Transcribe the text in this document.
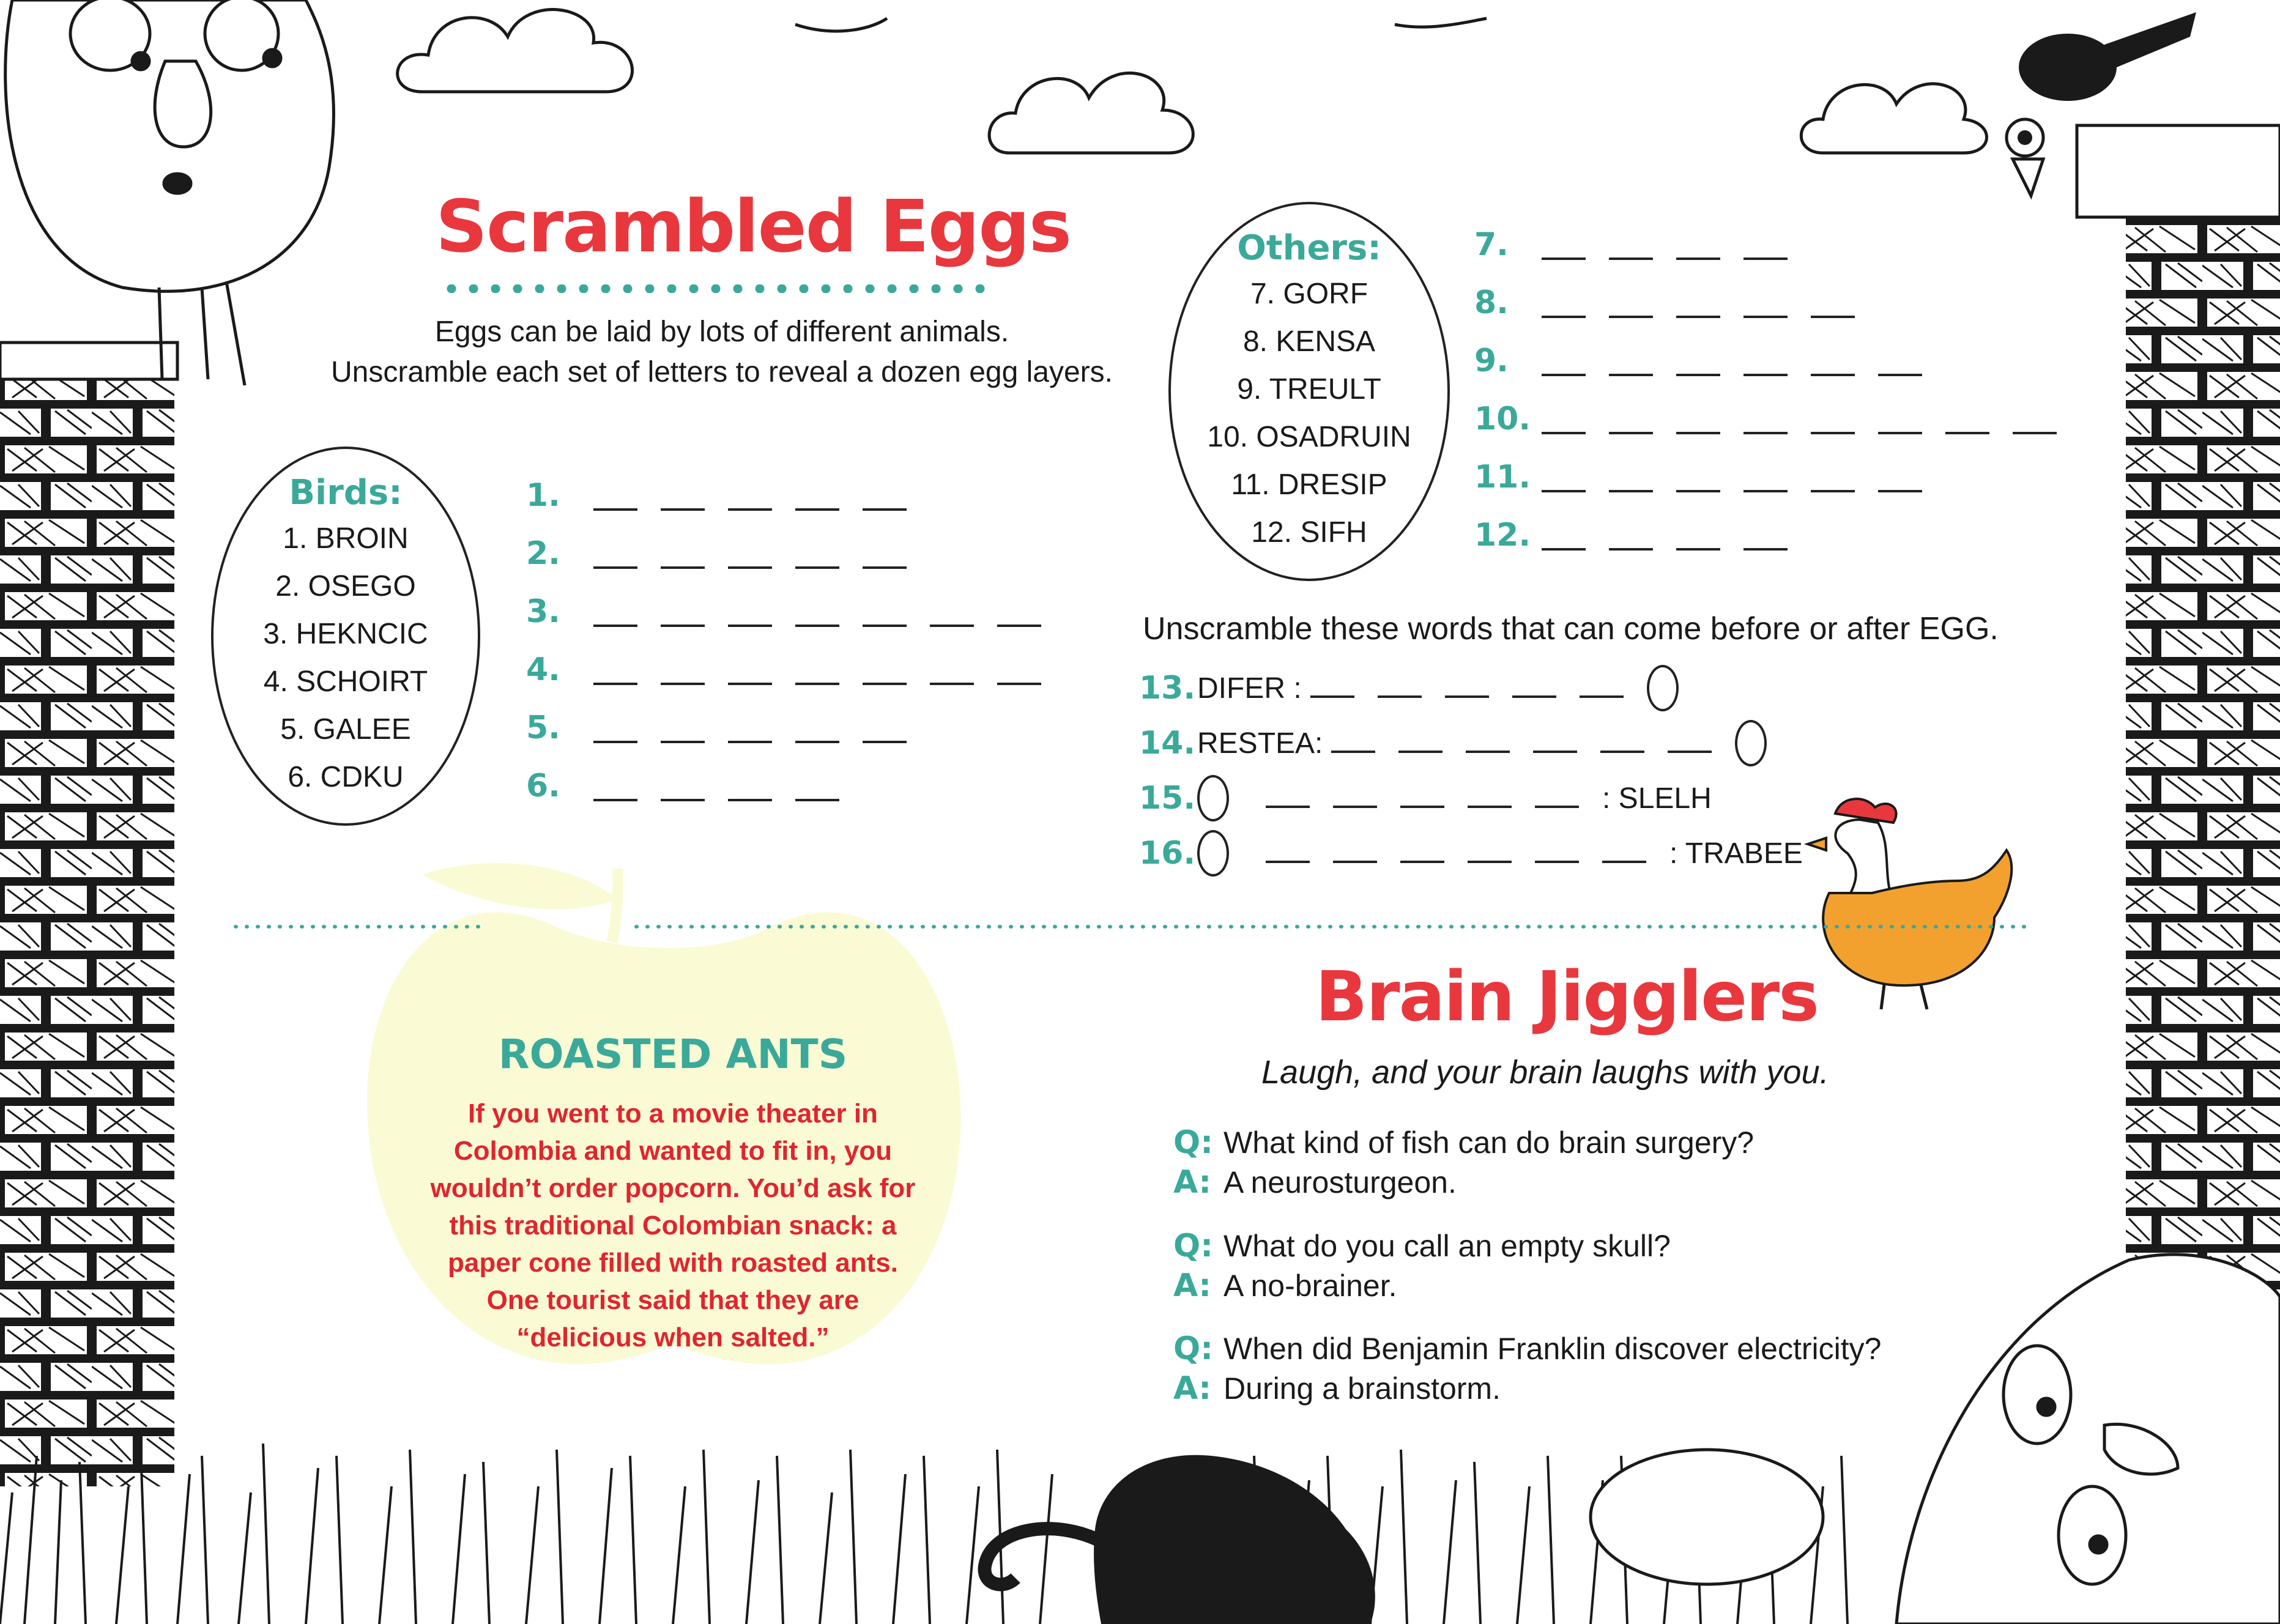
Scrambled Eggs
Eggs can be laid by lots of different animals.
Unscramble each set of letters to reveal a dozen egg layers.
Birds:
1. BROIN
2. OSEGO
3. HEKNCIC
4. SCHOIRT
5. GALEE
6. CDKU
Others:
7. GORF
8. KENSA
9. TREULT
10. OSADRUIN
11. DRESIP
12. SIFH
1.
2.
3.
4.
5.
6.
7.
8.
9.
10.
11.
12.
Unscramble these words that can come before or after EGG.
13. DIFER :
14. RESTEA:
15.	: SLELH
16.	: TRABEE
ROASTED ANTS
If you went to a movie theater in
Colombia and wanted to fit in, you
wouldn’t order popcorn. You’d ask for
this traditional Colombian snack: a
paper cone filled with roasted ants.
One tourist said that they are
“delicious when salted.”
Brain Jigglers
Laugh, and your brain laughs with you.
Q: What kind of fish can do brain surgery?
A: A neurosturgeon.
Q: What do you call an empty skull?
A: A no-brainer.
Q: When did Benjamin Franklin discover electricity?
A: During a brainstorm.
